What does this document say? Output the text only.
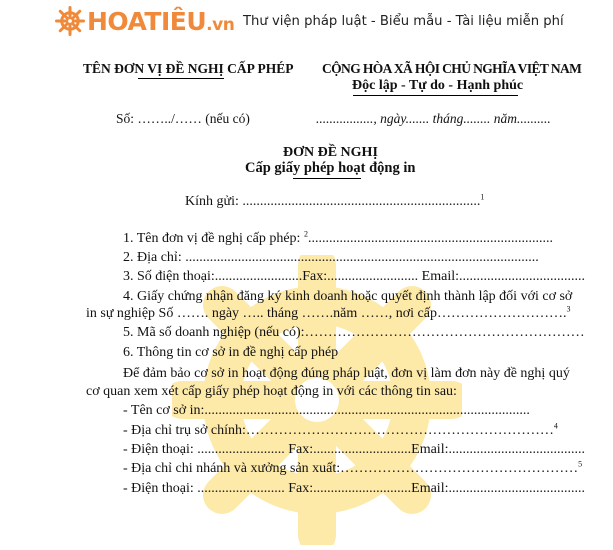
HOATIÊU.vn Thư viện pháp luật - Biểu mẫu - Tài liệu miễn phí
TÊN ĐƠN VỊ ĐỀ NGHỊ CẤP PHÉP
Số: ……../…… (nếu có)
CỘNG HÒA XÃ HỘI CHỦ NGHĨA VIỆT NAM
Độc lập - Tự do - Hạnh phúc
................., ngày....... tháng........ năm..........
ĐƠN ĐỀ NGHỊ
Cấp giấy phép hoạt động in
Kính gửi: ....................................................................$^1$
1. Tên đơn vị đề nghị cấp phép: $^2$......................................................................
2. Địa chỉ: .....................................................................................................
3. Số điện thoại:.........................Fax:.......................... Email:....................................
4. Giấy chứng nhận đăng ký kinh doanh hoặc quyết định thành lập đối với cơ sở
in sự nghiệp Số ……. ngày ….. tháng …….năm ……, nơi cấp……………………….$^3$
5. Mã số doanh nghiệp (nếu có):……………………………………………………
6. Thông tin cơ sở in đề nghị cấp phép
Để đảm bảo cơ sở in hoạt động đúng pháp luật, đơn vị làm đơn này đề nghị quý
cơ quan xem xét cấp giấy phép hoạt động in với các thông tin sau:
- Tên cơ sở in:.............................................................................................
- Địa chỉ trụ sở chính:…………………………………………………………$^4$
- Điện thoại: ......................... Fax:............................Email:.......................................
- Địa chỉ chi nhánh và xưởng sản xuất:……………………………………………$^5$
- Điện thoại: ......................... Fax:............................Email:.......................................
